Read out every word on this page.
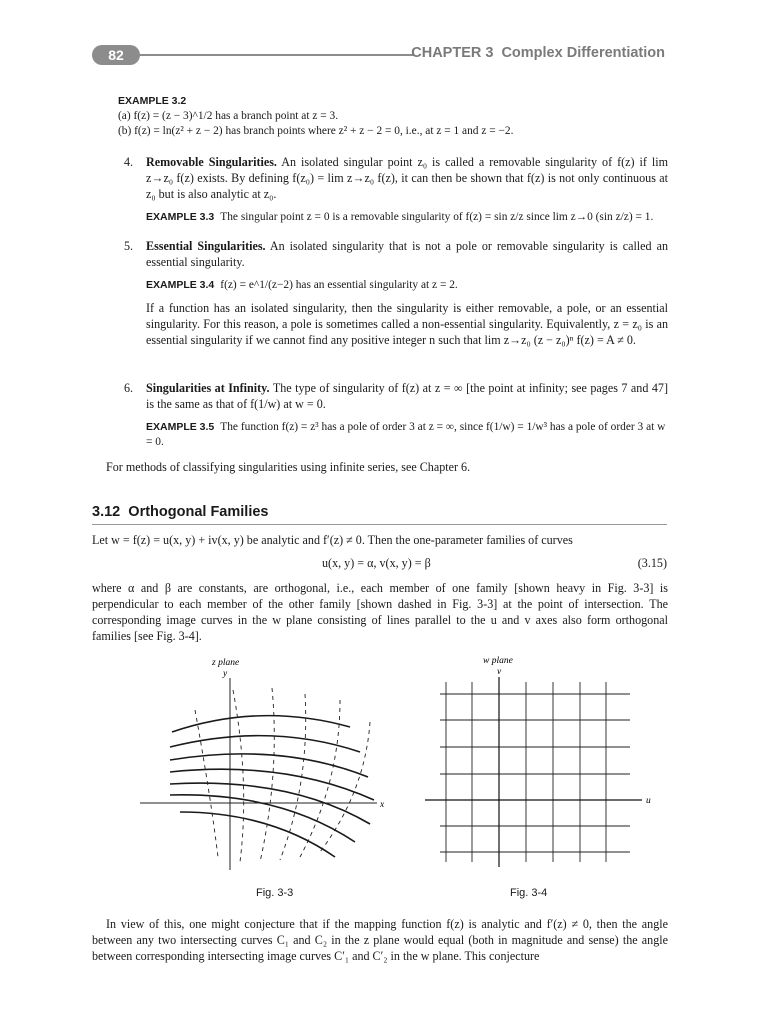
82	CHAPTER 3 Complex Differentiation
EXAMPLE 3.2
(a) f(z) = (z − 3)^1/2 has a branch point at z = 3.
(b) f(z) = ln(z² + z − 2) has branch points where z² + z − 2 = 0, i.e., at z = 1 and z = −2.
4. Removable Singularities. An isolated singular point z₀ is called a removable singularity of f(z) if lim z→z₀ f(z) exists. By defining f(z₀) = lim z→z₀ f(z), it can then be shown that f(z) is not only continuous at z₀ but is also analytic at z₀.
EXAMPLE 3.3 The singular point z = 0 is a removable singularity of f(z) = sin z/z since lim z→0 (sin z/z) = 1.
5. Essential Singularities. An isolated singularity that is not a pole or removable singularity is called an essential singularity.
EXAMPLE 3.4 f(z) = e^1/(z−2) has an essential singularity at z = 2.
If a function has an isolated singularity, then the singularity is either removable, a pole, or an essential singularity. For this reason, a pole is sometimes called a non-essential singularity. Equivalently, z = z₀ is an essential singularity if we cannot find any positive integer n such that lim z→z₀ (z − z₀)ⁿ f(z) = A ≠ 0.
6. Singularities at Infinity. The type of singularity of f(z) at z = ∞ [the point at infinity; see pages 7 and 47] is the same as that of f(1/w) at w = 0.
EXAMPLE 3.5 The function f(z) = z³ has a pole of order 3 at z = ∞, since f(1/w) = 1/w³ has a pole of order 3 at w = 0.
For methods of classifying singularities using infinite series, see Chapter 6.
3.12 Orthogonal Families
Let w = f(z) = u(x, y) + iv(x, y) be analytic and f′(z) ≠ 0. Then the one-parameter families of curves
u(x, y) = α, v(x, y) = β	(3.15)
where α and β are constants, are orthogonal, i.e., each member of one family [shown heavy in Fig. 3-3] is perpendicular to each member of the other family [shown dashed in Fig. 3-3] at the point of intersection. The corresponding image curves in the w plane consisting of lines parallel to the u and v axes also form orthogonal families [see Fig. 3-4].
z plane
y
x
Fig. 3-3
w plane
v
u
Fig. 3-4
In view of this, one might conjecture that if the mapping function f(z) is analytic and f′(z) ≠ 0, then the angle between any two intersecting curves C₁ and C₂ in the z plane would equal (both in magnitude and sense) the angle between corresponding intersecting image curves C′₁ and C′₂ in the w plane. This conjecture
